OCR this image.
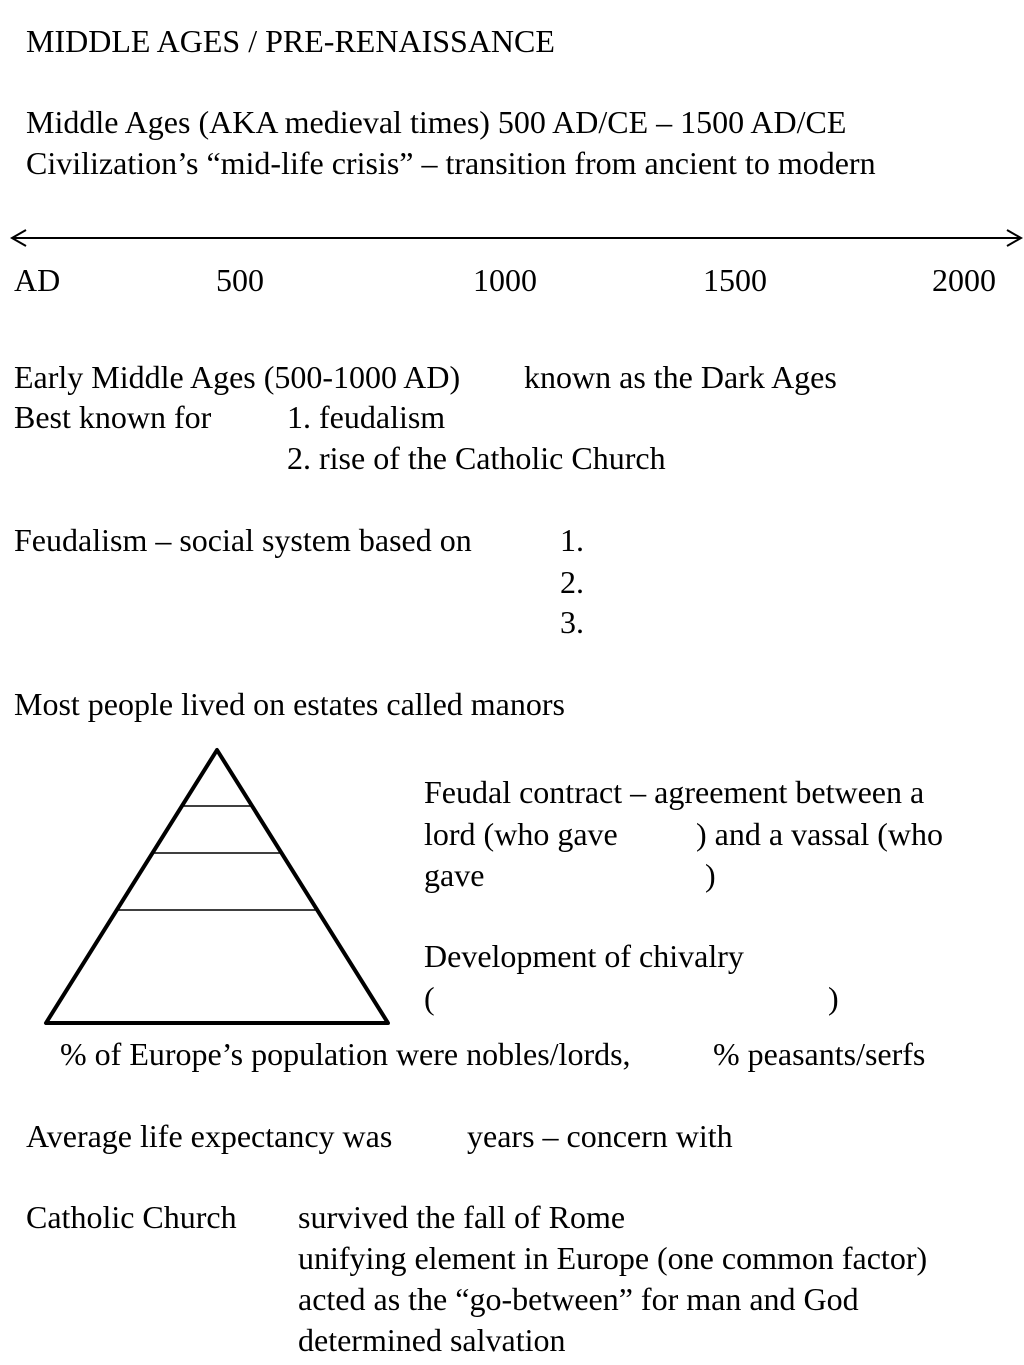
MIDDLE AGES / PRE-RENAISSANCE
Middle Ages (AKA medieval times) 500 AD/CE – 1500 AD/CE
Civilization’s “mid-life crisis” – transition from ancient to modern
AD	500	1000	1500	2000
Early Middle Ages (500-1000 AD) known as the Dark Ages
Best known for 1. feudalism
2. rise of the Catholic Church
Feudalism – social system based on	1.
2.
3.
Most people lived on estates called manors
Feudal contract – agreement between a
lord (who gave ) and a vassal (who
gave	)
Development of chivalry
(	)
% of Europe’s population were nobles/lords,	% peasants/serfs
Average life expectancy was years – concern with
Catholic Church survived the fall of Rome
unifying element in Europe (one common factor)
acted as the “go-between” for man and God
determined salvation
